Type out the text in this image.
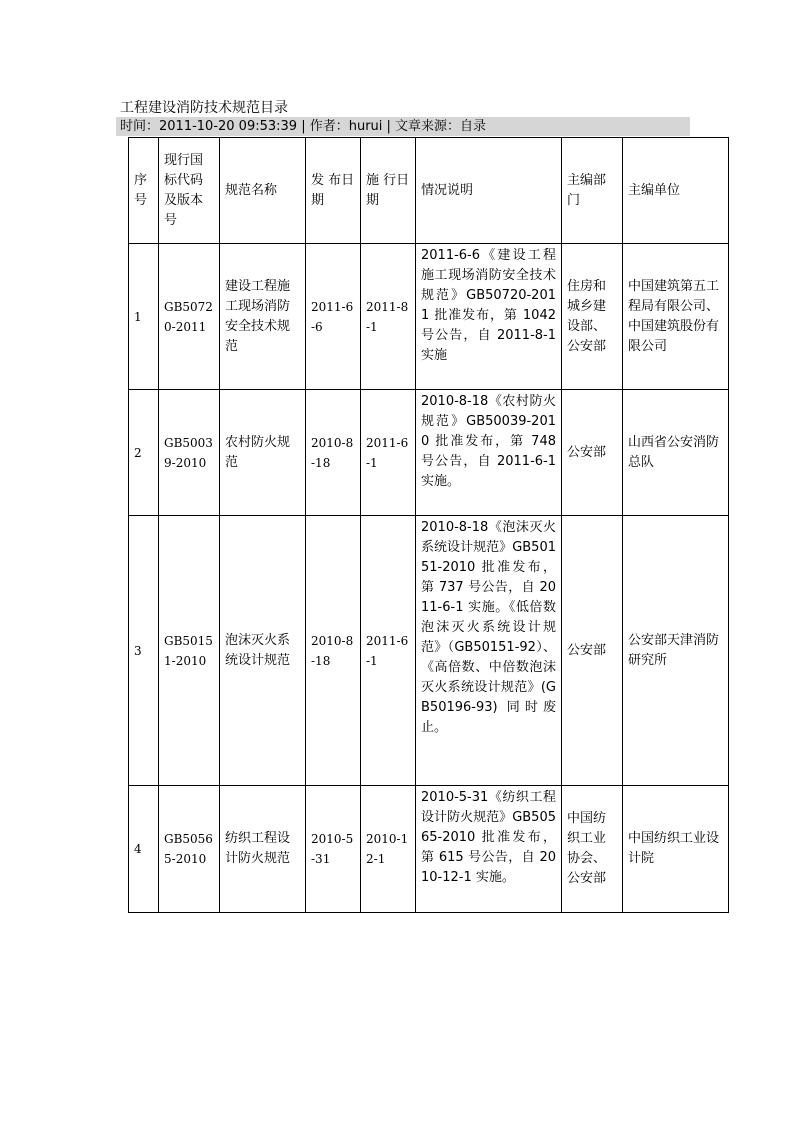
工程建设消防技术规范目录
时间：2011-10-20 09:53:39 | 作者：hurui | 文章来源：自录
序号	现行国标代码及版本号	规范名称	发 布日期	施 行日期	情况说明	主编部门	主编单位
1	GB50720-2011	建设工程施工现场消防安全技术规范	2011-6-6	2011-8-1	2011-6-6《建设工程施工现场消防安全技术规范》GB50720-2011 批准发布，第 1042 号公告，自 2011-8-1 实施	住房和城乡建设部、公安部	中国建筑第五工程局有限公司、中国建筑股份有限公司
2	GB50039-2010	农村防火规范	2010-8-18	2011-6-1	2010-8-18《农村防火规范》GB50039-2010 批准发布，第 748 号公告，自 2011-6-1 实施。	公安部	山西省公安消防总队
3	GB50151-2010	泡沫灭火系统设计规范	2010-8-18	2011-6-1	2010-8-18《泡沫灭火系统设计规范》GB50151-2010 批准发布，第 737 号公告，自 2011-6-1 实施。《低倍数泡沫灭火系统设计规范》（GB50151-92）、《高倍数、中倍数泡沫灭火系统设计规范》(GB50196-93) 同时废止。	公安部	公安部天津消防研究所
4	GB50565-2010	纺织工程设计防火规范	2010-5-31	2010-12-1	2010-5-31《纺织工程设计防火规范》GB50565-2010 批准发布，第 615 号公告，自 2010-12-1 实施。	中国纺织工业协会、公安部	中国纺织工业设计院
